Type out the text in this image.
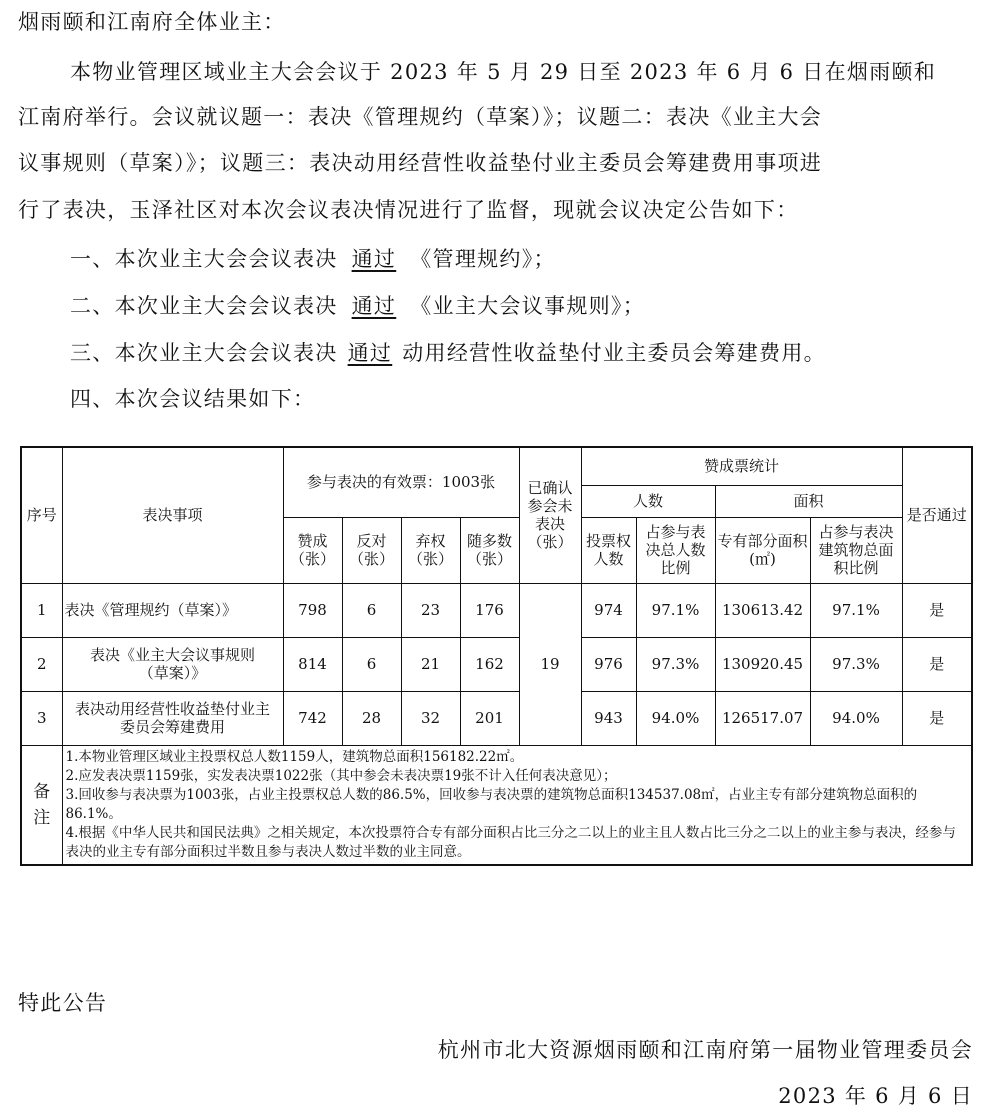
烟雨颐和江南府全体业主：
本物业管理区域业主大会会议于 2023 年 5 月 29 日至 2023 年 6 月 6 日在烟雨颐和
江南府举行。会议就议题一：表决《管理规约（草案）》；议题二：表决《业主大会
议事规则（草案）》；议题三：表决动用经营性收益垫付业主委员会筹建费用事项进
行了表决，玉泽社区对本次会议表决情况进行了监督，现就会议决定公告如下：
一、本次业主大会会议表决 通过 《管理规约》；
二、本次业主大会会议表决 通过 《业主大会议事规则》；
三、本次业主大会会议表决 通过 动用经营性收益垫付业主委员会筹建费用。
四、本次会议结果如下：
序号	表决事项	参与表决的有效票：1003张				已确认参会未表决（张）	赞成票统计				是否通过
							人数		面积		
		赞成（张）	反对（张）	弃权（张）	随多数（张）		投票权人数	占参与表决总人数比例	专有部分面积(㎡)	占参与表决建筑物总面积比例	
1	表决《管理规约（草案）》	798	6	23	176	19	974	97.1%	130613.42	97.1%	是
2	表决《业主大会议事规则（草案）》	814	6	21	162		976	97.3%	130920.45	97.3%	是
3	表决动用经营性收益垫付业主委员会筹建费用	742	28	32	201		943	94.0%	126517.07	94.0%	是
备注	1.本物业管理区域业主投票权总人数1159人，建筑物总面积156182.22㎡。
2.应发表决票1159张，实发表决票1022张（其中参会未表决票19张不计入任何表决意见）；
3.回收参与表决票为1003张，占业主投票权总人数的86.5%，回收参与表决票的建筑物总面积134537.08㎡，占业主专有部分建筑物总面积的86.1%。
4.根据《中华人民共和国民法典》之相关规定，本次投票符合专有部分面积占比三分之二以上的业主且人数占比三分之二以上的业主参与表决，经参与表决的业主专有部分面积过半数且参与表决人数过半数的业主同意。										
特此公告
杭州市北大资源烟雨颐和江南府第一届物业管理委员会
2023 年 6 月 6 日
